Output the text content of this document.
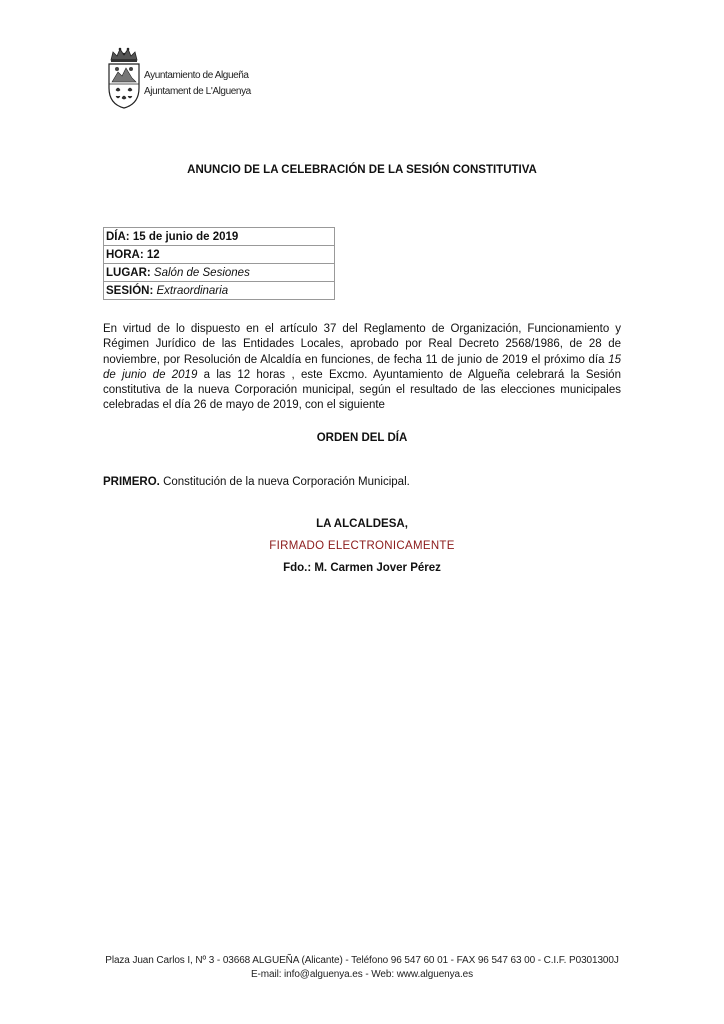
Ayuntamiento de Algueña
Ajuntament de L'Alguenya
ANUNCIO DE LA CELEBRACIÓN DE LA SESIÓN CONSTITUTIVA
DÍA: 15 de junio de 2019
HORA: 12
LUGAR: Salón de Sesiones
SESIÓN: Extraordinaria
En virtud de lo dispuesto en el artículo 37 del Reglamento de Organización, Funcionamiento y Régimen Jurídico de las Entidades Locales, aprobado por Real Decreto 2568/1986, de 28 de noviembre, por Resolución de Alcaldía en funciones, de fecha 11 de junio de 2019 el próximo día 15 de junio de 2019 a las 12 horas , este Excmo. Ayuntamiento de Algueña celebrará la Sesión constitutiva de la nueva Corporación municipal, según el resultado de las elecciones municipales celebradas el día 26 de mayo de 2019, con el siguiente
ORDEN DEL DÍA
PRIMERO. Constitución de la nueva Corporación Municipal.
LA ALCALDESA,
FIRMADO ELECTRONICAMENTE
Fdo.: M. Carmen Jover Pérez
Plaza Juan Carlos I, Nº 3 - 03668 ALGUEÑA (Alicante) - Teléfono 96 547 60 01 - FAX 96 547 63 00 - C.I.F. P0301300J
E-mail: info@alguenya.es - Web: www.alguenya.es
